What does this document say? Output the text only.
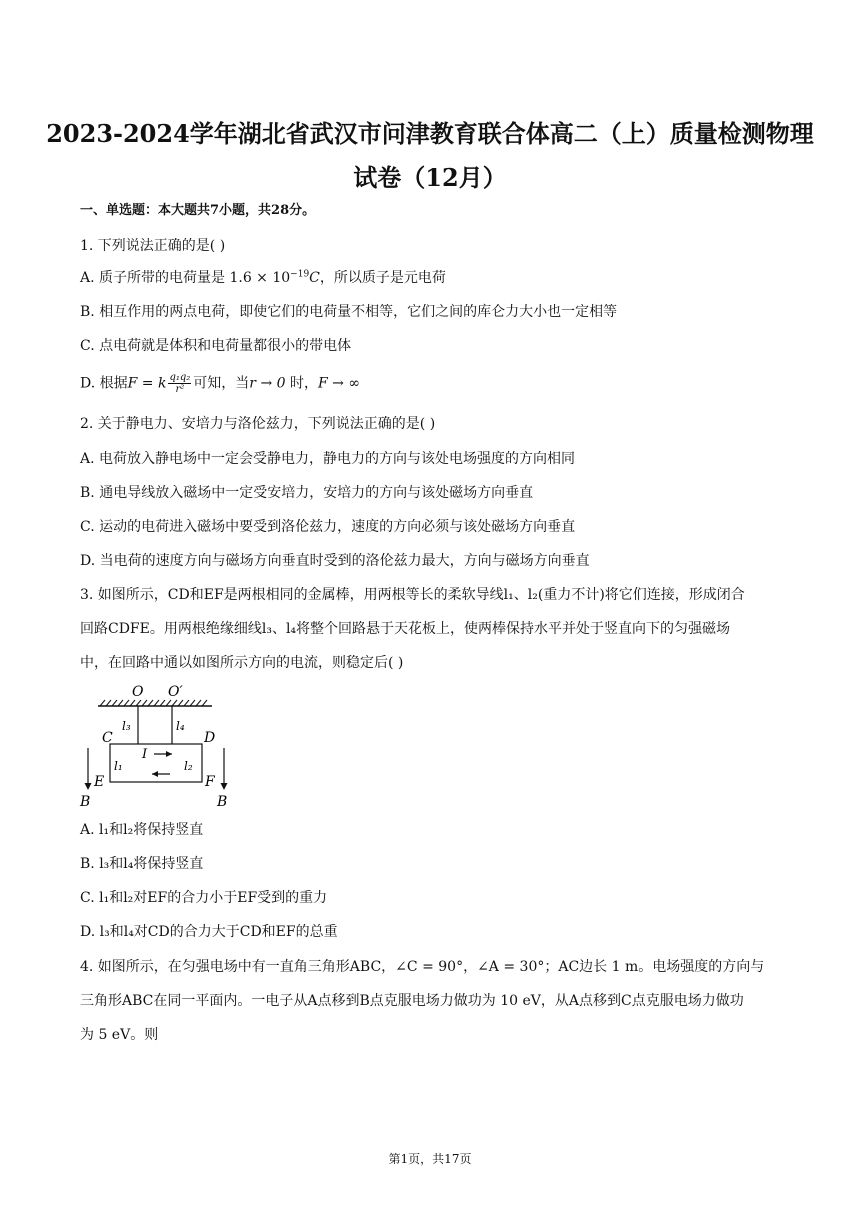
2023-2024学年湖北省武汉市问津教育联合体高二（上）质量检测物理
试卷（12月）
一、单选题：本大题共7小题，共28分。
1. 下列说法正确的是( )
A. 质子所带的电荷量是 $1.6 \times 10^{-19}C$，所以质子是元电荷
B. 相互作用的两点电荷，即使它们的电荷量不相等，它们之间的库仑力大小也一定相等
C. 点电荷就是体积和电荷量都很小的带电体
D. 根据F = k $\frac{\text{q₁q₂}}{\text{r²}}$ 可知，当r → 0 时，F → ∞
2. 关于静电力、安培力与洛伦兹力，下列说法正确的是( )
A. 电荷放入静电场中一定会受静电力，静电力的方向与该处电场强度的方向相同
B. 通电导线放入磁场中一定受安培力，安培力的方向与该处磁场方向垂直
C. 运动的电荷进入磁场中要受到洛伦兹力，速度的方向必须与该处磁场方向垂直
D. 当电荷的速度方向与磁场方向垂直时受到的洛伦兹力最大，方向与磁场方向垂直
3. 如图所示，CD和EF是两根相同的金属棒，用两根等长的柔软导线l₁、l₂(重力不计)将它们连接，形成闭合
回路CDFE。用两根绝缘细线l₃、l₄将整个回路悬于天花板上，使两棒保持水平并处于竖直向下的匀强磁场
中，在回路中通以如图所示方向的电流，则稳定后( )
O O′
l₃	l₄
C	D
E	F
l₁	l₂
I
B	B
A. l₁和l₂将保持竖直
B. l₃和l₄将保持竖直
C. l₁和l₂对EF的合力小于EF受到的重力
D. l₃和l₄对CD的合力大于CD和EF的总重
4. 如图所示，在匀强电场中有一直角三角形ABC，∠C = 90°，∠A = 30°；AC边长 1 m。电场强度的方向与
三角形ABC在同一平面内。一电子从A点移到B点克服电场力做功为 10 eV，从A点移到C点克服电场力做功
为 5 eV。则
第1页，共17页
